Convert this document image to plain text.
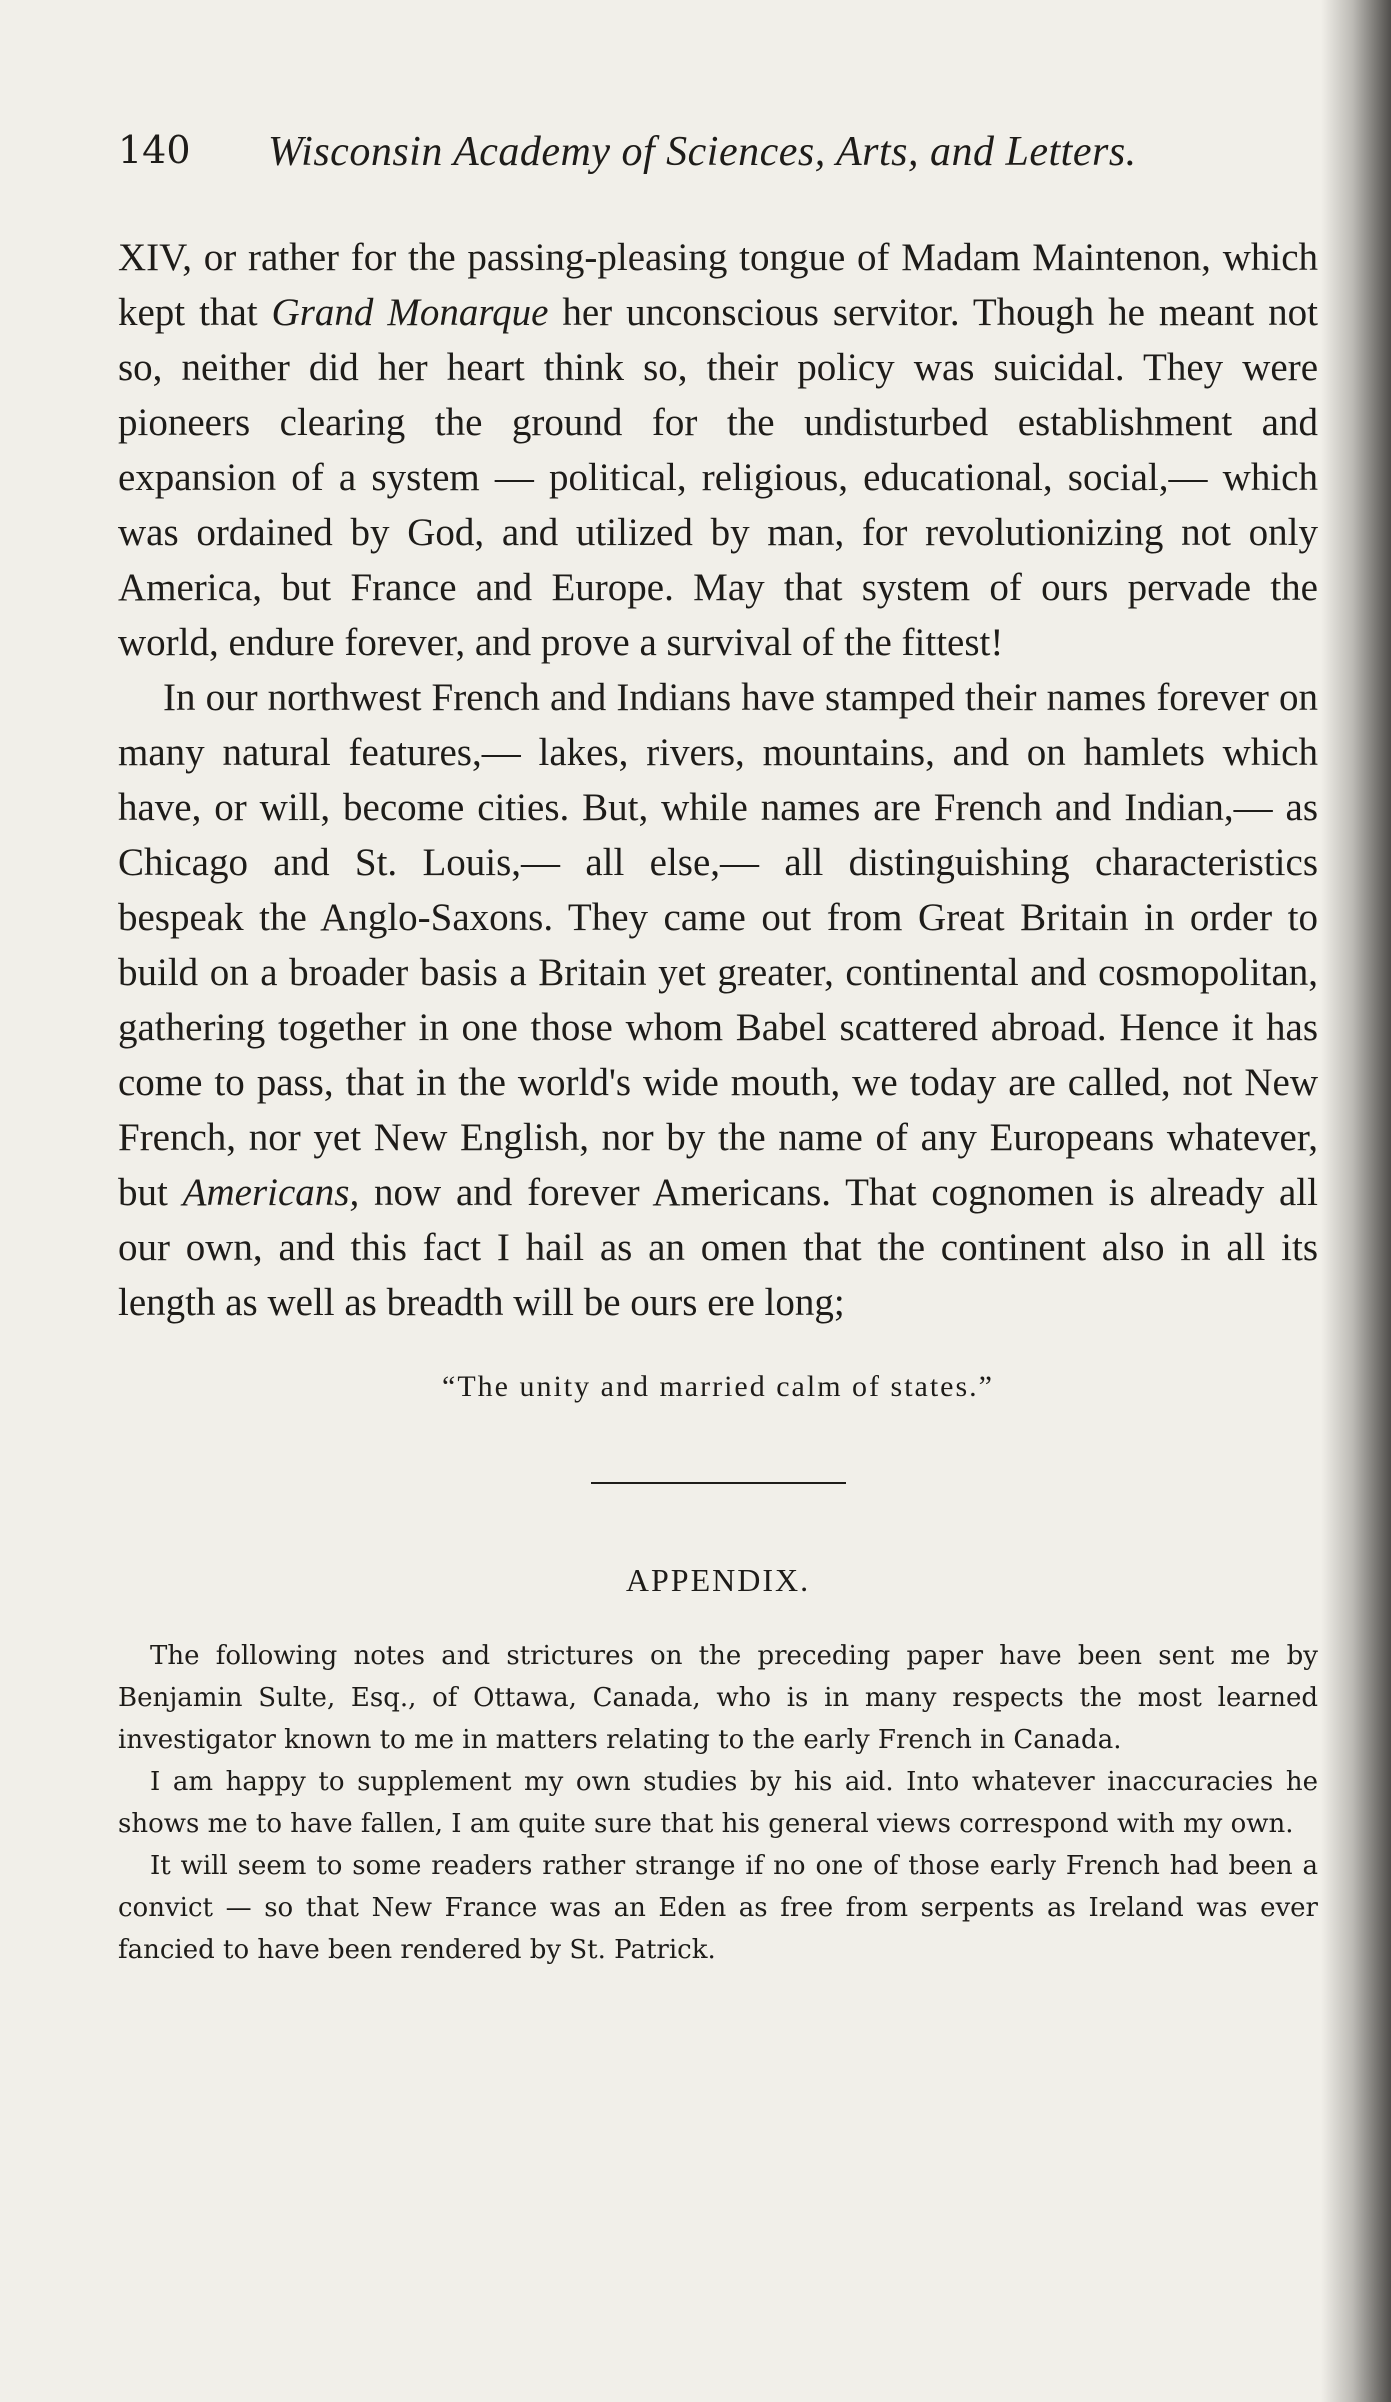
140 Wisconsin Academy of Sciences, Arts, and Letters.

XIV, or rather for the passing-pleasing tongue of Madam Maintenon, which kept that Grand Monarque her unconscious servitor. Though he meant not so, neither did her heart think so, their policy was suicidal. They were pioneers clearing the ground for the undisturbed establishment and expansion of a system — political, religious, educational, social,— which was ordained by God, and utilized by man, for revolutionizing not only America, but France and Europe. May that system of ours pervade the world, endure forever, and prove a survival of the fittest!

In our northwest French and Indians have stamped their names forever on many natural features,— lakes, rivers, mountains, and on hamlets which have, or will, become cities. But, while names are French and Indian,— as Chicago and St. Louis,— all else,— all distinguishing characteristics bespeak the Anglo-Saxons. They came out from Great Britain in order to build on a broader basis a Britain yet greater, continental and cosmopolitan, gathering together in one those whom Babel scattered abroad. Hence it has come to pass, that in the world's wide mouth, we today are called, not New French, nor yet New English, nor by the name of any Europeans whatever, but Americans, now and forever Americans. That cognomen is already all our own, and this fact I hail as an omen that the continent also in all its length as well as breadth will be ours ere long;

“The unity and married calm of states.”
APPENDIX.

The following notes and strictures on the preceding paper have been sent me by Benjamin Sulte, Esq., of Ottawa, Canada, who is in many respects the most learned investigator known to me in matters relating to the early French in Canada.

I am happy to supplement my own studies by his aid. Into whatever inaccuracies he shows me to have fallen, I am quite sure that his general views correspond with my own.

It will seem to some readers rather strange if no one of those early French had been a convict — so that New France was an Eden as free from serpents as Ireland was ever fancied to have been rendered by St. Patrick.
